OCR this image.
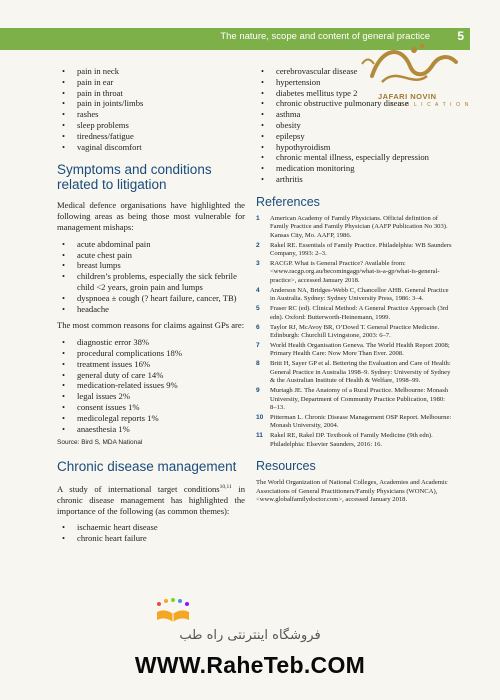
The nature, scope and content of general practice 5
JAFARI NOVIN
P U B L I C A T I O N
• pain in neck
• pain in ear
• pain in throat
• pain in joints/limbs
• rashes
• sleep problems
• tiredness/fatigue
• vaginal discomfort
Symptoms and conditions related to litigation

Medical defence organisations have highlighted the following areas as being those most vulnerable for management mishaps:

• acute abdominal pain
• acute chest pain
• breast lumps
• children’s problems, especially the sick febrile child <2 years, groin pain and lumps
• dyspnoea ± cough (? heart failure, cancer, TB)
• headache

The most common reasons for claims against GPs are:

• diagnostic error 38%
• procedural complications 18%
• treatment issues 16%
• general duty of care 14%
• medication-related issues 9%
• legal issues 2%
• consent issues 1%
• medicolegal reports 1%
• anaesthesia 1%
Source: Bird S, MDA National
Chronic disease management

A study of international target conditions$^{10,11}$ in chronic disease management has highlighted the importance of the following (as common themes):

• ischaemic heart disease
• chronic heart failure
• cerebrovascular disease
• hypertension
• diabetes mellitus type 2
• chronic obstructive pulmonary disease
• asthma
• obesity
• epilepsy
• hypothyroidism
• chronic mental illness, especially depression
• medication monitoring
• arthritis
References
1	American Academy of Family Physicians. Official definition of Family Practice and Family Physician (AAFP Publication No 303). Kansas City, Mo. AAFP, 1986.
2	Rakel RE. Essentials of Family Practice. Philadelphia: WB Saunders Company, 1993: 2–3.
3	RACGP. What is General Practice? Available from: <www.racgp.org.au/becomingagp/what-is-a-gp/what-is-general-practice>, accessed January 2018.
4	Anderson NA, Bridges-Webb C, Chancellor AHB. General Practice in Australia. Sydney: Sydney University Press, 1986: 3–4.
5	Fraser RC (ed). Clinical Method: A General Practice Approach (3rd edn). Oxford: Butterworth-Heinemann, 1999.
6	Taylor RJ, McAvoy BR, O’Dowd T. General Practice Medicine. Edinburgh: Churchill Livingstone, 2003: 6–7.
7	World Health Organisation Geneva. The World Health Report 2008; Primary Health Care: Now More Than Ever. 2008.
8	Britt H, Sayer GP et al. Bettering the Evaluation and Care of Health: General Practice in Australia 1998–9. Sydney: University of Sydney & the Australian Institute of Health & Welfare, 1998–99.
9	Murtagh JE. The Anatomy of a Rural Practice. Melbourne: Monash University, Department of Community Practice Publication, 1980: 8–13.
10	Pitterman L. Chronic Disease Management OSP Report. Melbourne: Monash University, 2004.
11	Rakel RE, Rakel DP. Textbook of Family Medicine (9th edn). Philadelphia: Elsevier Saunders, 2016: 16.
Resources
The World Organization of National Colleges, Academies and Academic Associations of General Practitioners/Family Physicians (WONCA), <www.globalfamilydoctor.com>, accessed January 2018.
فروشگاه اینترنتی راه طب
WWW.RaheTeb.COM
